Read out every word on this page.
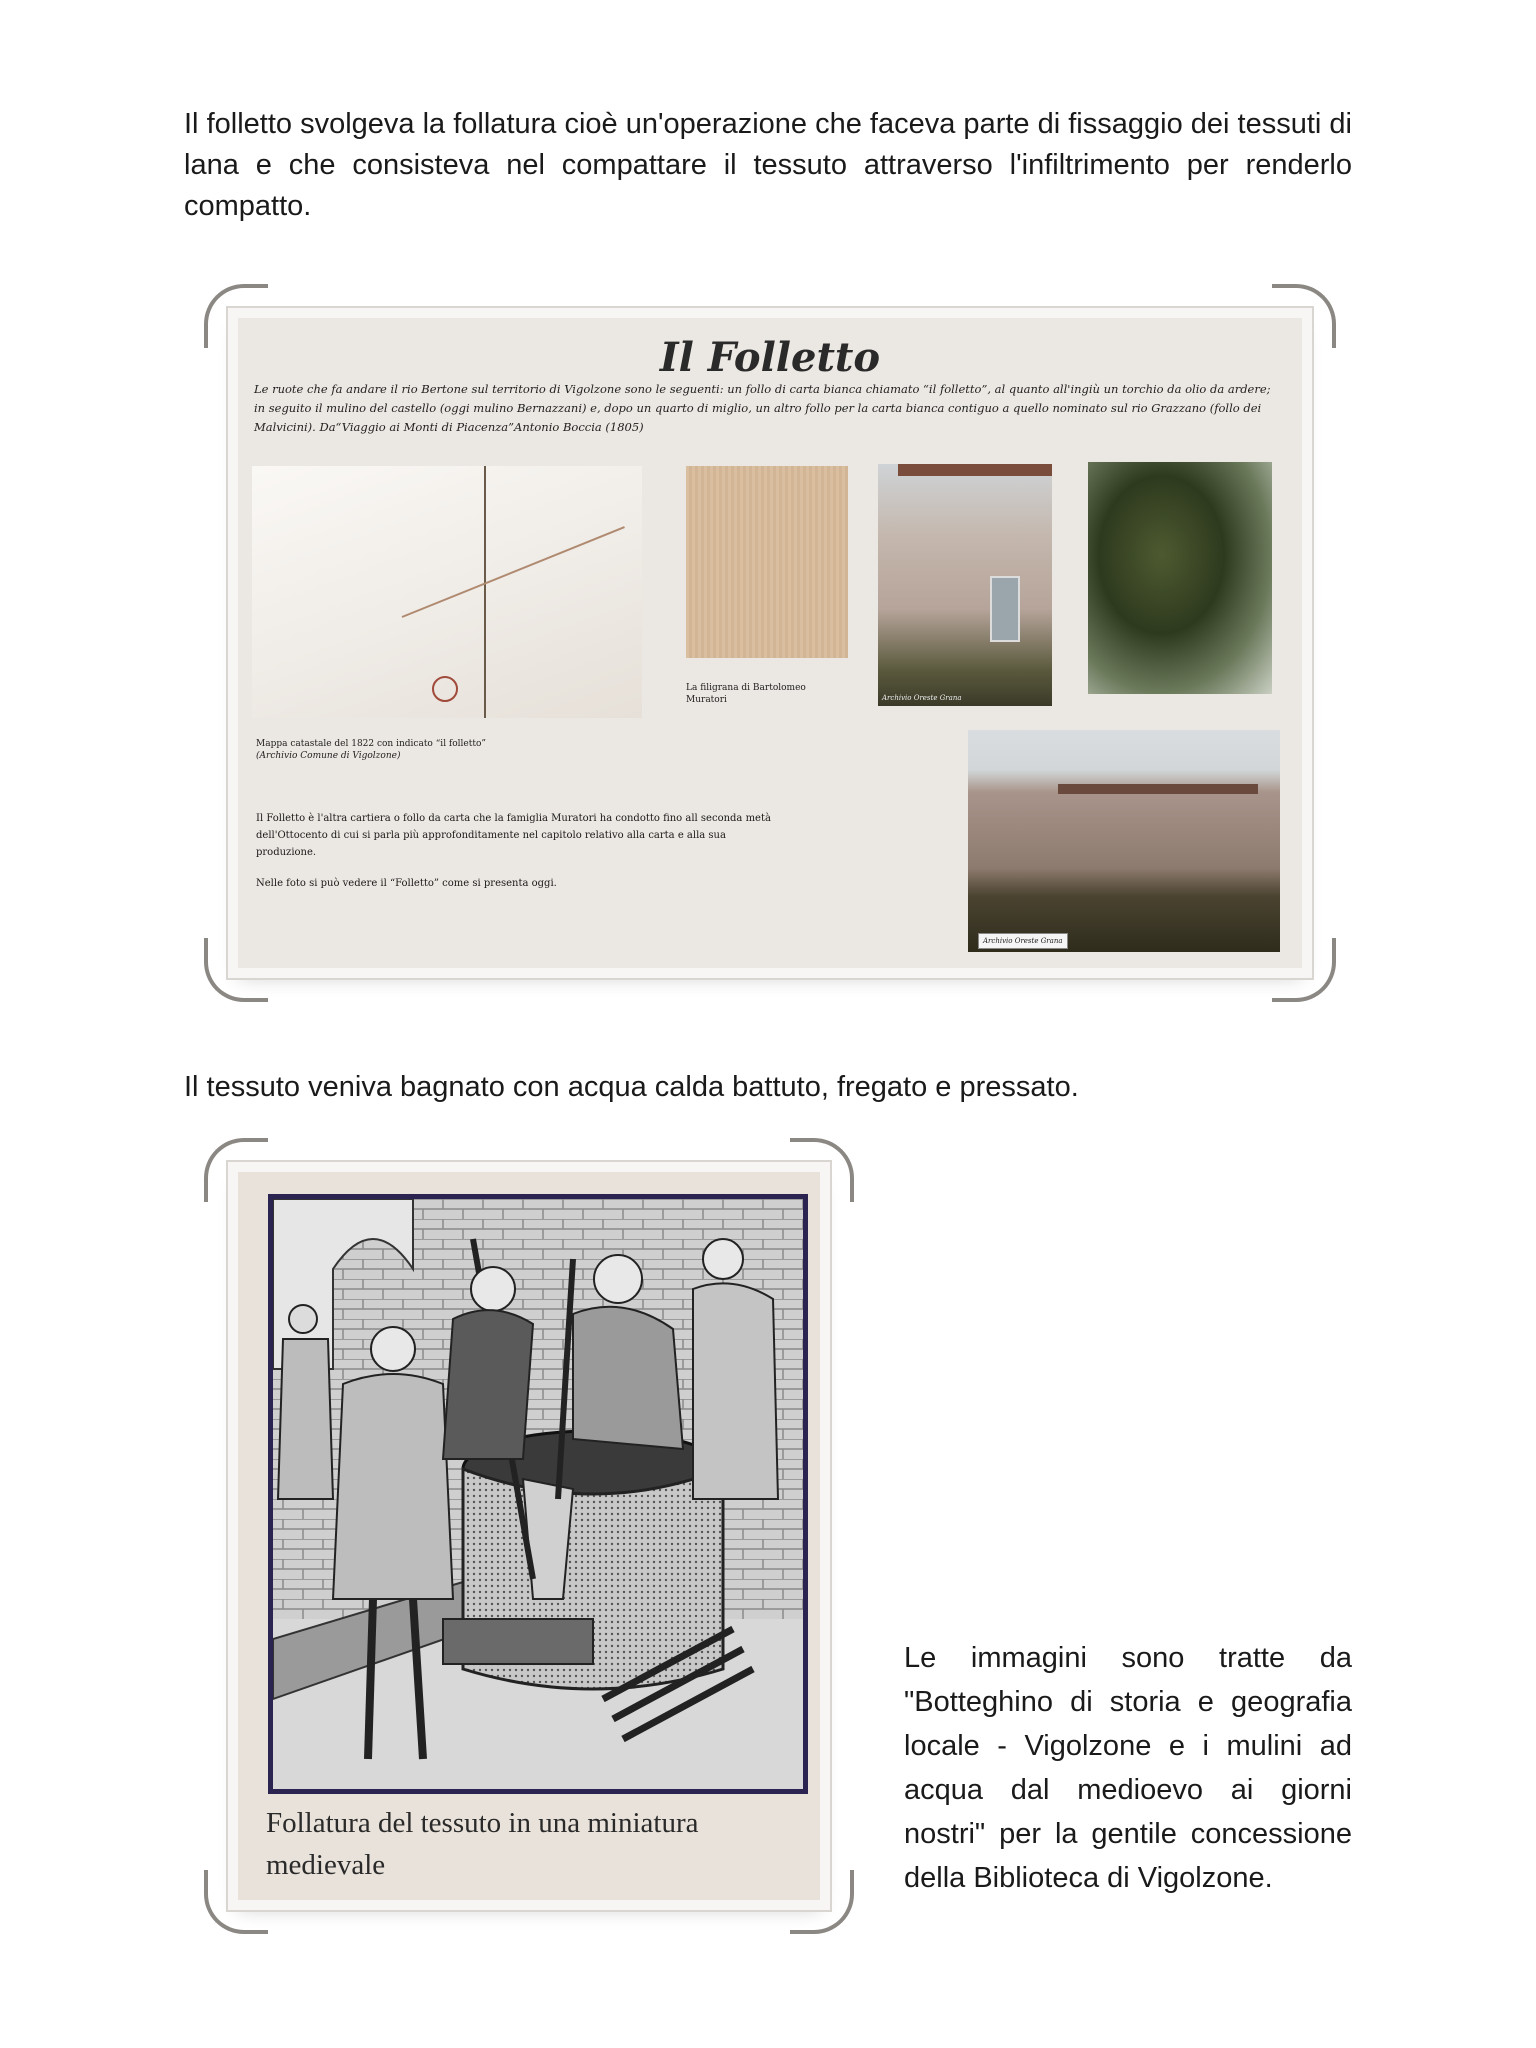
Il folletto svolgeva la follatura cioè un'operazione che faceva parte di fissaggio dei tessuti di lana e che consisteva nel compattare il tessuto attraverso l'infiltrimento per renderlo compatto.

Il Folletto
Le ruote che fa andare il rio Bertone sul territorio di Vigolzone sono le seguenti: un follo di carta bianca chiamato “il folletto”, al quanto all'ingiù un torchio da olio da ardere; in seguito il mulino del castello (oggi mulino Bernazzani) e, dopo un quarto di miglio, un altro follo per la carta bianca contiguo a quello nominato sul rio Grazzano (follo dei Malvicini). Da“Viaggio ai Monti di Piacenza”Antonio Boccia (1805)
Mappa catastale del 1822 con indicato “il folletto”
(Archivio Comune di Vigolzone)
La filigrana di Bartolomeo Muratori	Archivio Oreste Grana
Archivio Oreste Grana

Il Folletto è l'altra cartiera o follo da carta che la famiglia Muratori ha condotto fino all seconda metà dell'Ottocento di cui si parla più approfonditamente nel capitolo relativo alla carta e alla sua produzione.

Nelle foto si può vedere il “Folletto” come si presenta oggi.

Il tessuto veniva bagnato con acqua calda battuto, fregato e pressato.

Follatura del tessuto in una miniatura medievale

Le immagini sono tratte da "Botteghino di storia e geografia locale - Vigolzone e i mulini ad acqua dal medioevo ai giorni nostri" per la gentile concessione della Biblioteca di Vigolzone.
